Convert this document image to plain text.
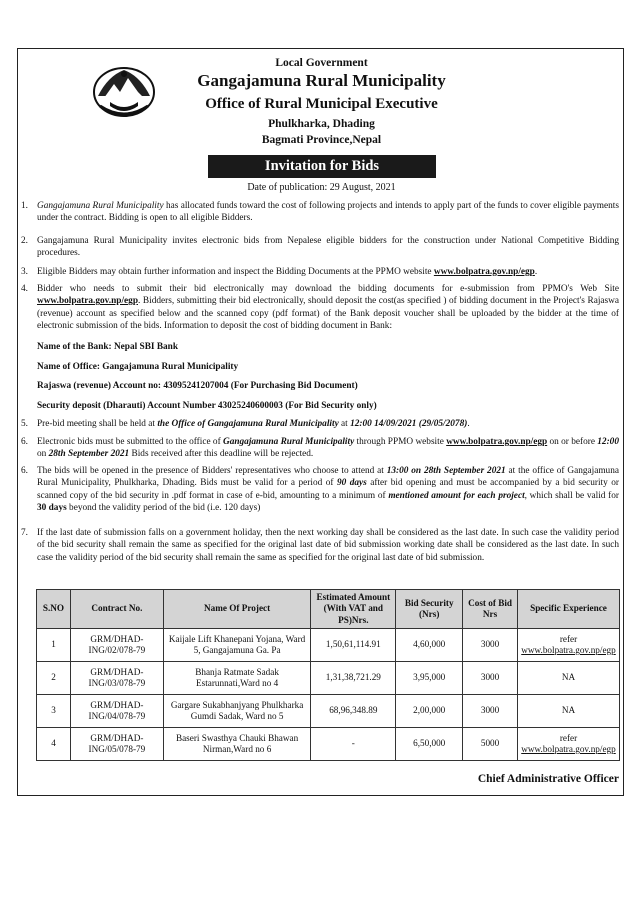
Local Government
Gangajamuna Rural Municipality
Office of Rural Municipal Executive
Phulkharka, Dhading
Bagmati Province,Nepal
Invitation for Bids
Date of publication: 29 August, 2021
1. Gangajamuna Rural Municipality has allocated funds toward the cost of following projects and intends to apply part of the funds to cover eligible payments under the contract. Bidding is open to all eligible Bidders.
2. Gangajamuna Rural Municipality invites electronic bids from Nepalese eligible bidders for the construction under National Competitive Bidding procedures.
3. Eligible Bidders may obtain further information and inspect the Bidding Documents at the PPMO website www.bolpatra.gov.np/egp.
4. Bidder who needs to submit their bid electronically may download the bidding documents for e-submission from PPMO's Web Site www.bolpatra.gov.np/egp. Bidders, submitting their bid electronically, should deposit the cost(as specified ) of bidding document in the Project's Rajaswa (revenue) account as specified below and the scanned copy (pdf format) of the Bank deposit voucher shall be uploaded by the bidder at the time of electronic submission of the bids. Information to deposit the cost of bidding document in Bank:
Name of the Bank: Nepal SBI Bank
Name of Office: Gangajamuna Rural Municipality
Rajaswa (revenue) Account no: 43095241207004 (For Purchasing Bid Document)
Security deposit (Dharauti) Account Number 43025240600003 (For Bid Security only)
5. Pre-bid meeting shall be held at the Office of Gangajamuna Rural Municipality at 12:00 14/09/2021 (29/05/2078).
6. Electronic bids must be submitted to the office of Gangajamuna Rural Municipality through PPMO website www.bolpatra.gov.np/egp on or before 12:00 on 28th September 2021 Bids received after this deadline will be rejected.
6. The bids will be opened in the presence of Bidders' representatives who choose to attend at 13:00 on 28th September 2021 at the office of Gangajamuna Rural Municipality, Phulkharka, Dhading. Bids must be valid for a period of 90 days after bid opening and must be accompanied by a bid security or scanned copy of the bid security in .pdf format in case of e-bid, amounting to a minimum of mentioned amount for each project, which shall be valid for 30 days beyond the validity period of the bid (i.e. 120 days)
7. If the last date of submission falls on a government holiday, then the next working day shall be considered as the last date. In such case the validity period of the bid security shall remain the same as specified for the original last date of bid submission working date shall be considered as the last date. In such case the validity period of the bid security shall remain the same as specified for the original last date of bid submission.
S.NO	Contract No.	Name Of Project	Estimated Amount (With VAT and PS)Nrs.	Bid Security (Nrs)	Cost of Bid Nrs	Specific Experience
1	GRM/DHAD-ING/02/078-79	Kaijale Lift Khanepani Yojana, Ward 5, Gangajamuna Ga. Pa	1,50,61,114.91	4,60,000	3000	refer www.bolpatra.gov.np/egp
2	GRM/DHAD-ING/03/078-79	Bhanja Ratmate Sadak Estarunnati,Ward no 4	1,31,38,721.29	3,95,000	3000	NA
3	GRM/DHAD-ING/04/078-79	Gargare Sukabhanjyang Phulkharka Gumdi Sadak, Ward no 5	68,96,348.89	2,00,000	3000	NA
4	GRM/DHAD-ING/05/078-79	Baseri Swasthya Chauki Bhawan Nirman,Ward no 6	-	6,50,000	5000	refer www.bolpatra.gov.np/egp
Chief Administrative Officer
